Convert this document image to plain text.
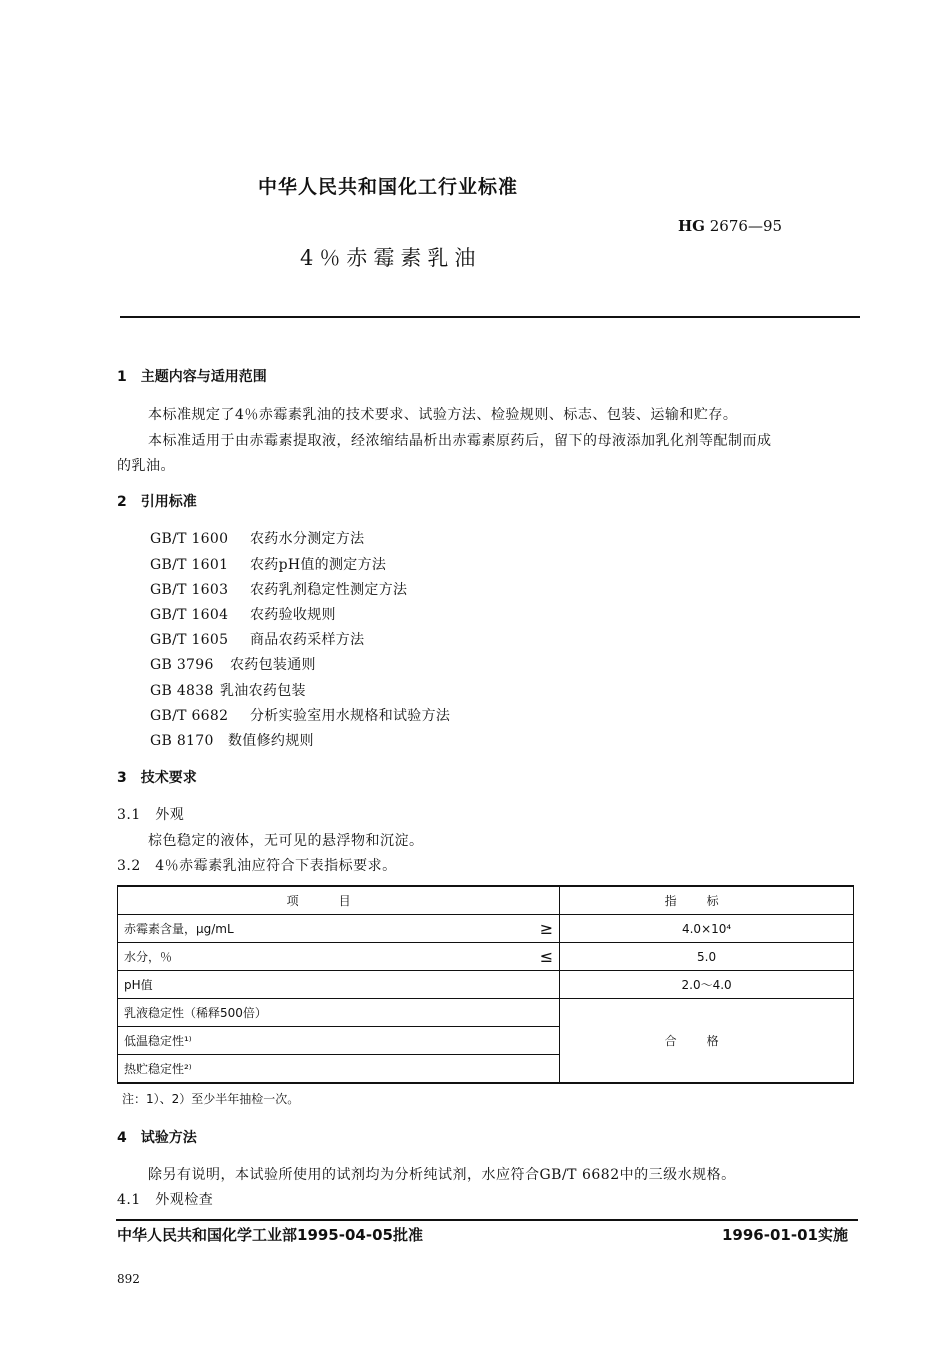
中华人民共和国化工行业标准
HG 2676—95
4％赤霉素乳油
1　主题内容与适用范围
本标准规定了4％赤霉素乳油的技术要求、试验方法、检验规则、标志、包装、运输和贮存。
本标准适用于由赤霉素提取液，经浓缩结晶析出赤霉素原药后，留下的母液添加乳化剂等配制而成
的乳油。
2　引用标准
GB/T 1600 农药水分测定方法
GB/T 1601 农药pH值的测定方法
GB/T 1603 农药乳剂稳定性测定方法
GB/T 1604 农药验收规则
GB/T 1605 商品农药采样方法
GB 3796 农药包装通则
GB 4838 乳油农药包装
GB/T 6682 分析实验室用水规格和试验方法
GB 8170 数值修约规则
3　技术要求
3.1　外观
棕色稳定的液体，无可见的悬浮物和沉淀。
3.2　4％赤霉素乳油应符合下表指标要求。
项目		指标
赤霉素含量，μg/mL	≥	4.0×10⁴
水分，％	≤	5.0
pH值		2.0～4.0
乳液稳定性（稀释500倍）		合格
低温稳定性¹⁾		
热贮稳定性²⁾		
注：1）、2）至少半年抽检一次。
4　试验方法
除另有说明，本试验所使用的试剂均为分析纯试剂，水应符合GB/T 6682中的三级水规格。
4.1　外观检查
中华人民共和国化学工业部1995-04-05批准	1996-01-01实施
892
